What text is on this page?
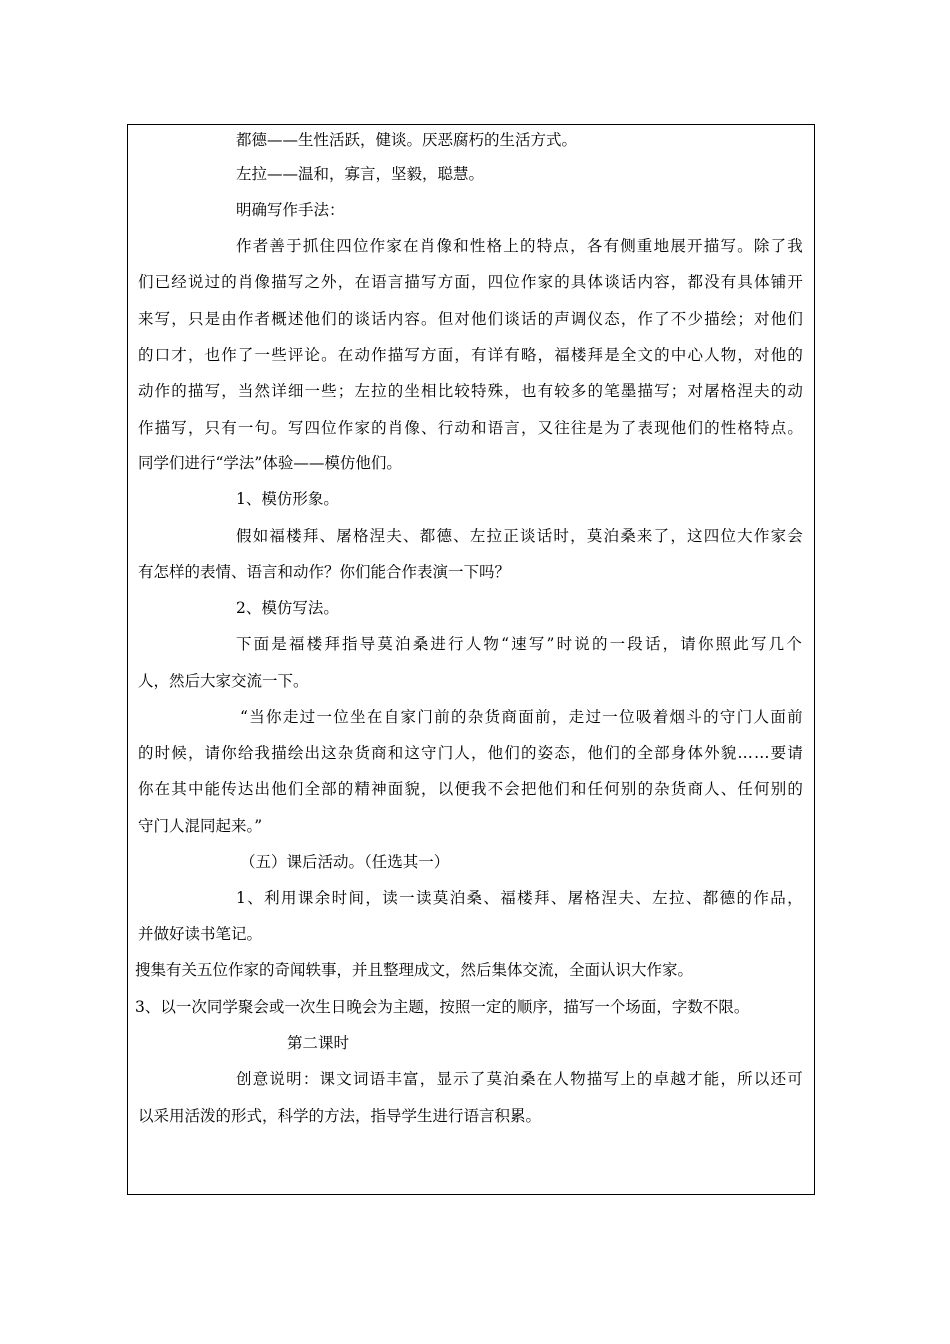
都德——生性活跃，健谈。厌恶腐朽的生活方式。
左拉——温和，寡言，坚毅，聪慧。
明确写作手法：
作者善于抓住四位作家在肖像和性格上的特点，各有侧重地展开描写。除了我
们已经说过的肖像描写之外，在语言描写方面，四位作家的具体谈话内容，都没有具体铺开
来写，只是由作者概述他们的谈话内容。但对他们谈话的声调仪态，作了不少描绘；对他们
的口才，也作了一些评论。在动作描写方面，有详有略，福楼拜是全文的中心人物，对他的
动作的描写，当然详细一些；左拉的坐相比较特殊，也有较多的笔墨描写；对屠格涅夫的动
作描写，只有一句。写四位作家的肖像、行动和语言，又往往是为了表现他们的性格特点。
同学们进行“学法”体验——模仿他们。
1、模仿形象。
假如福楼拜、屠格涅夫、都德、左拉正谈话时，莫泊桑来了，这四位大作家会
有怎样的表情、语言和动作？你们能合作表演一下吗？
2、模仿写法。
下面是福楼拜指导莫泊桑进行人物“速写”时说的一段话，请你照此写几个
人，然后大家交流一下。
“当你走过一位坐在自家门前的杂货商面前，走过一位吸着烟斗的守门人面前
的时候，请你给我描绘出这杂货商和这守门人，他们的姿态，他们的全部身体外貌……要请
你在其中能传达出他们全部的精神面貌，以便我不会把他们和任何别的杂货商人、任何别的
守门人混同起来。”
（五）课后活动。（任选其一）
1、利用课余时间，读一读莫泊桑、福楼拜、屠格涅夫、左拉、都德的作品，
并做好读书笔记。
搜集有关五位作家的奇闻轶事，并且整理成文，然后集体交流，全面认识大作家。
3、以一次同学聚会或一次生日晚会为主题，按照一定的顺序，描写一个场面，字数不限。
第二课时
创意说明：课文词语丰富，显示了莫泊桑在人物描写上的卓越才能，所以还可
以采用活泼的形式，科学的方法，指导学生进行语言积累。
